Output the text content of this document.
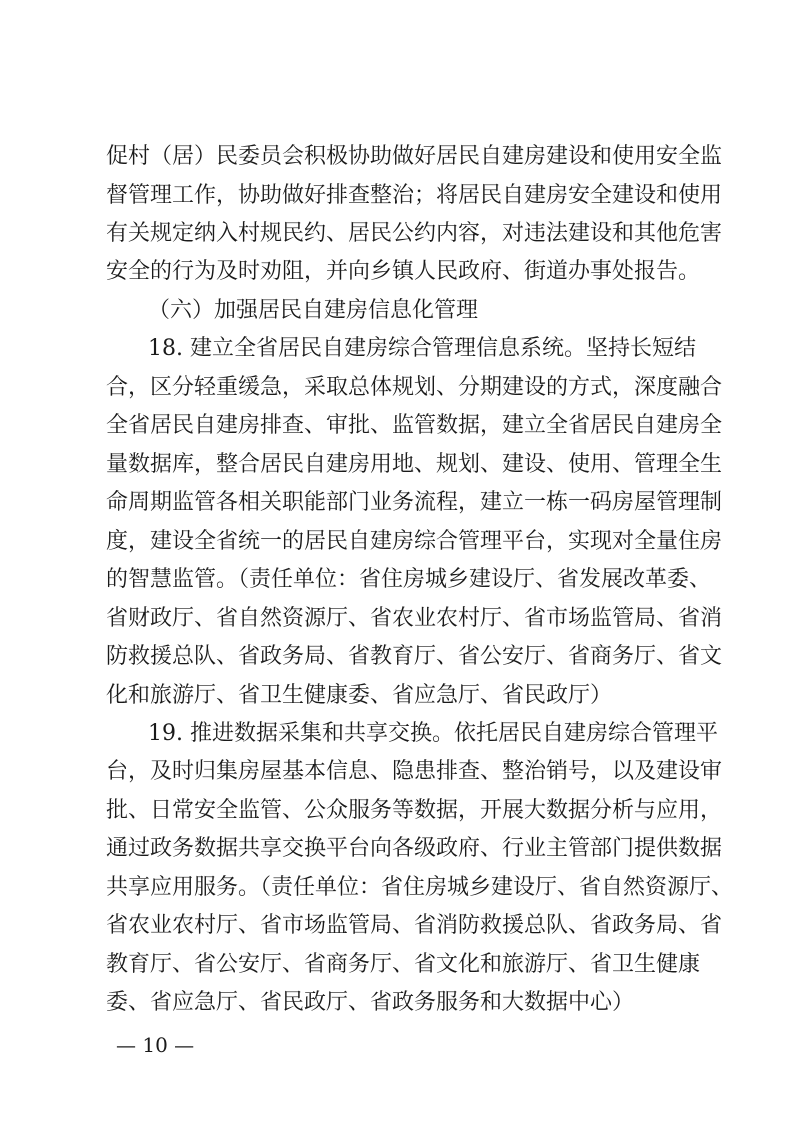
促村（居）民委员会积极协助做好居民自建房建设和使用安全监
督管理工作，协助做好排查整治；将居民自建房安全建设和使用
有关规定纳入村规民约、居民公约内容，对违法建设和其他危害
安全的行为及时劝阻，并向乡镇人民政府、街道办事处报告。
（六）加强居民自建房信息化管理
18. 建立全省居民自建房综合管理信息系统。坚持长短结
合，区分轻重缓急，采取总体规划、分期建设的方式，深度融合
全省居民自建房排查、审批、监管数据，建立全省居民自建房全
量数据库，整合居民自建房用地、规划、建设、使用、管理全生
命周期监管各相关职能部门业务流程，建立一栋一码房屋管理制
度，建设全省统一的居民自建房综合管理平台，实现对全量住房
的智慧监管。（责任单位：省住房城乡建设厅、省发展改革委、
省财政厅、省自然资源厅、省农业农村厅、省市场监管局、省消
防救援总队、省政务局、省教育厅、省公安厅、省商务厅、省文
化和旅游厅、省卫生健康委、省应急厅、省民政厅）
19. 推进数据采集和共享交换。依托居民自建房综合管理平
台，及时归集房屋基本信息、隐患排查、整治销号，以及建设审
批、日常安全监管、公众服务等数据，开展大数据分析与应用，
通过政务数据共享交换平台向各级政府、行业主管部门提供数据
共享应用服务。（责任单位：省住房城乡建设厅、省自然资源厅、
省农业农村厅、省市场监管局、省消防救援总队、省政务局、省
教育厅、省公安厅、省商务厅、省文化和旅游厅、省卫生健康
委、省应急厅、省民政厅、省政务服务和大数据中心）
— 10 —
